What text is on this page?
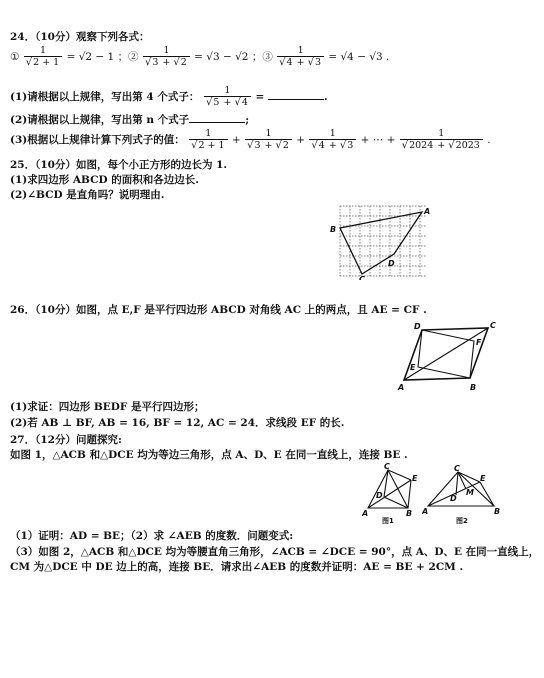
24．（10分）观察下列各式：
① $\frac{1}{√2 + 1} = √2 - 1$ ；② $\frac{1}{√3 + √2} = √3 - √2$ ；③ $\frac{1}{√4 + √3} = √4 - √3$ .
(1)请根据以上规律，写出第 4 个式子： $\frac{1}{√5 + √4}$ =	.
(2)请根据以上规律，写出第 n 个式子	;
(3)根据以上规律计算下列式子的值： $\frac{1}{√2 + 1} + \frac{1}{√3 + √2} + \frac{1}{√4 + √3}$ + ⋯ + $\frac{1}{√2024 + √2023}$ .
25．（10分）如图，每个小正方形的边长为 1.
(1)求四边形 ABCD 的面积和各边边长.
(2)∠BCD 是直角吗？说明理由.
B
A
C
D
26．（10分）如图，点 E,F 是平行四边形 ABCD 对角线 AC 上的两点，且 AE = CF .
D	C
F
E
A	B
(1)求证：四边形 BEDF 是平行四边形；
(2)若 AB ⊥ BF, AB = 16, BF = 12, AC = 24．求线段 EF 的长.
27．（12分）问题探究:
如图 1，△ACB 和△DCE 均为等边三角形，点 A、D、E 在同一直线上，连接 BE .
C
E
D
A	B
图1
C
E
D
M
A	B
图2
（1）证明：AD = BE；（2）求 ∠AEB 的度数．问题变式:
（3）如图 2，△ACB 和△DCE 均为等腰直角三角形，∠ACB = ∠DCE = 90°，点 A、D、E 在同一直线上，
CM 为△DCE 中 DE 边上的高，连接 BE．请求出∠AEB 的度数并证明：AE = BE + 2CM .
